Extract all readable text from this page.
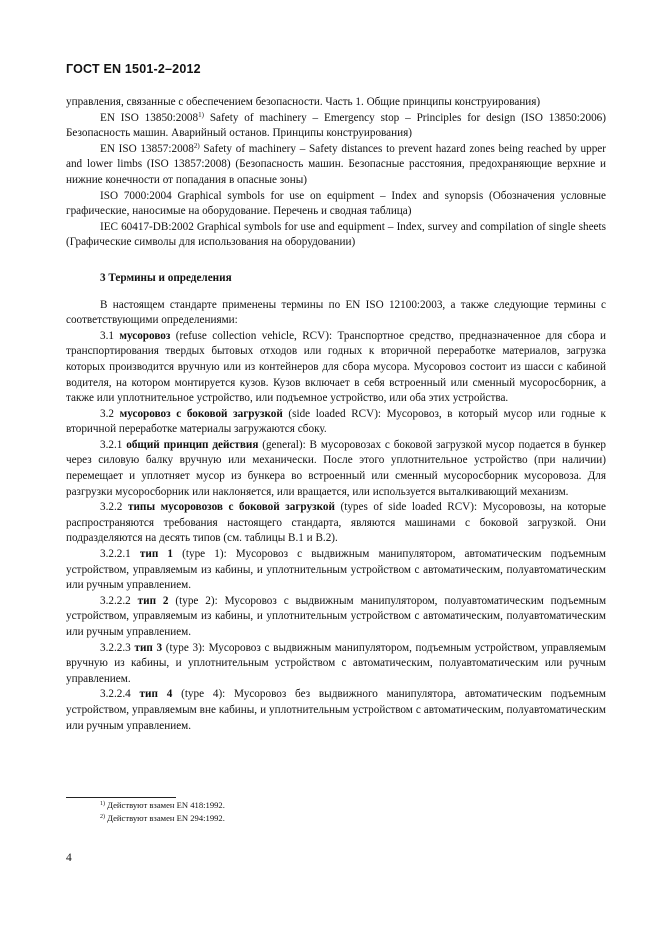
ГОСТ EN 1501-2–2012

управления, связанные с обеспечением безопасности. Часть 1. Общие принципы конструирования)

EN ISO 13850:2008$^{1)}$ Safety of machinery – Emergency stop – Principles for design (ISO 13850:2006) Безопасность машин. Аварийный останов. Принципы конструирования)

EN ISO 13857:2008$^{2)}$ Safety of machinery – Safety distances to prevent hazard zones being reached by upper and lower limbs (ISO 13857:2008) (Безопасность машин. Безопасные расстояния, предохраняющие верхние и нижние конечности от попадания в опасные зоны)

ISO 7000:2004 Graphical symbols for use on equipment – Index and synopsis (Обозначения условные графические, наносимые на оборудование. Перечень и сводная таблица)

IEC 60417-DB:2002 Graphical symbols for use and equipment – Index, survey and compilation of single sheets (Графические символы для использования на оборудовании)

3 Термины и определения

В настоящем стандарте применены термины по EN ISO 12100:2003, а также следующие термины с соответствующими определениями:

3.1 мусоровоз (refuse collection vehicle, RCV): Транспортное средство, предназначенное для сбора и транспортирования твердых бытовых отходов или годных к вторичной переработке материалов, загрузка которых производится вручную или из контейнеров для сбора мусора. Мусоровоз состоит из шасси с кабиной водителя, на котором монтируется кузов. Кузов включает в себя встроенный или сменный мусоросборник, а также или уплотнительное устройство, или подъемное устройство, или оба этих устройства.

3.2 мусоровоз с боковой загрузкой (side loaded RCV): Мусоровоз, в который мусор или годные к вторичной переработке материалы загружаются сбоку.

3.2.1 общий принцип действия (general): В мусоровозах с боковой загрузкой мусор подается в бункер через силовую балку вручную или механически. После этого уплотнительное устройство (при наличии) перемещает и уплотняет мусор из бункера во встроенный или сменный мусоросборник мусоровоза. Для разгрузки мусоросборник или наклоняется, или вращается, или используется выталкивающий механизм.

3.2.2 типы мусоровозов с боковой загрузкой (types of side loaded RCV): Мусоровозы, на которые распространяются требования настоящего стандарта, являются машинами с боковой загрузкой. Они подразделяются на десять типов (см. таблицы B.1 и B.2).

3.2.2.1 тип 1 (type 1): Мусоровоз с выдвижным манипулятором, автоматическим подъемным устройством, управляемым из кабины, и уплотнительным устройством с автоматическим, полуавтоматическим или ручным управлением.

3.2.2.2 тип 2 (type 2): Мусоровоз с выдвижным манипулятором, полуавтоматическим подъемным устройством, управляемым из кабины, и уплотнительным устройством с автоматическим, полуавтоматическим или ручным управлением.

3.2.2.3 тип 3 (type 3): Мусоровоз с выдвижным манипулятором, подъемным устройством, управляемым вручную из кабины, и уплотнительным устройством с автоматическим, полуавтоматическим или ручным управлением.

3.2.2.4 тип 4 (type 4): Мусоровоз без выдвижного манипулятора, автоматическим подъемным устройством, управляемым вне кабины, и уплотнительным устройством с автоматическим, полуавтоматическим или ручным управлением.

$^{1)}$ Действуют взамен EN 418:1992.
$^{2)}$ Действуют взамен EN 294:1992.
4
